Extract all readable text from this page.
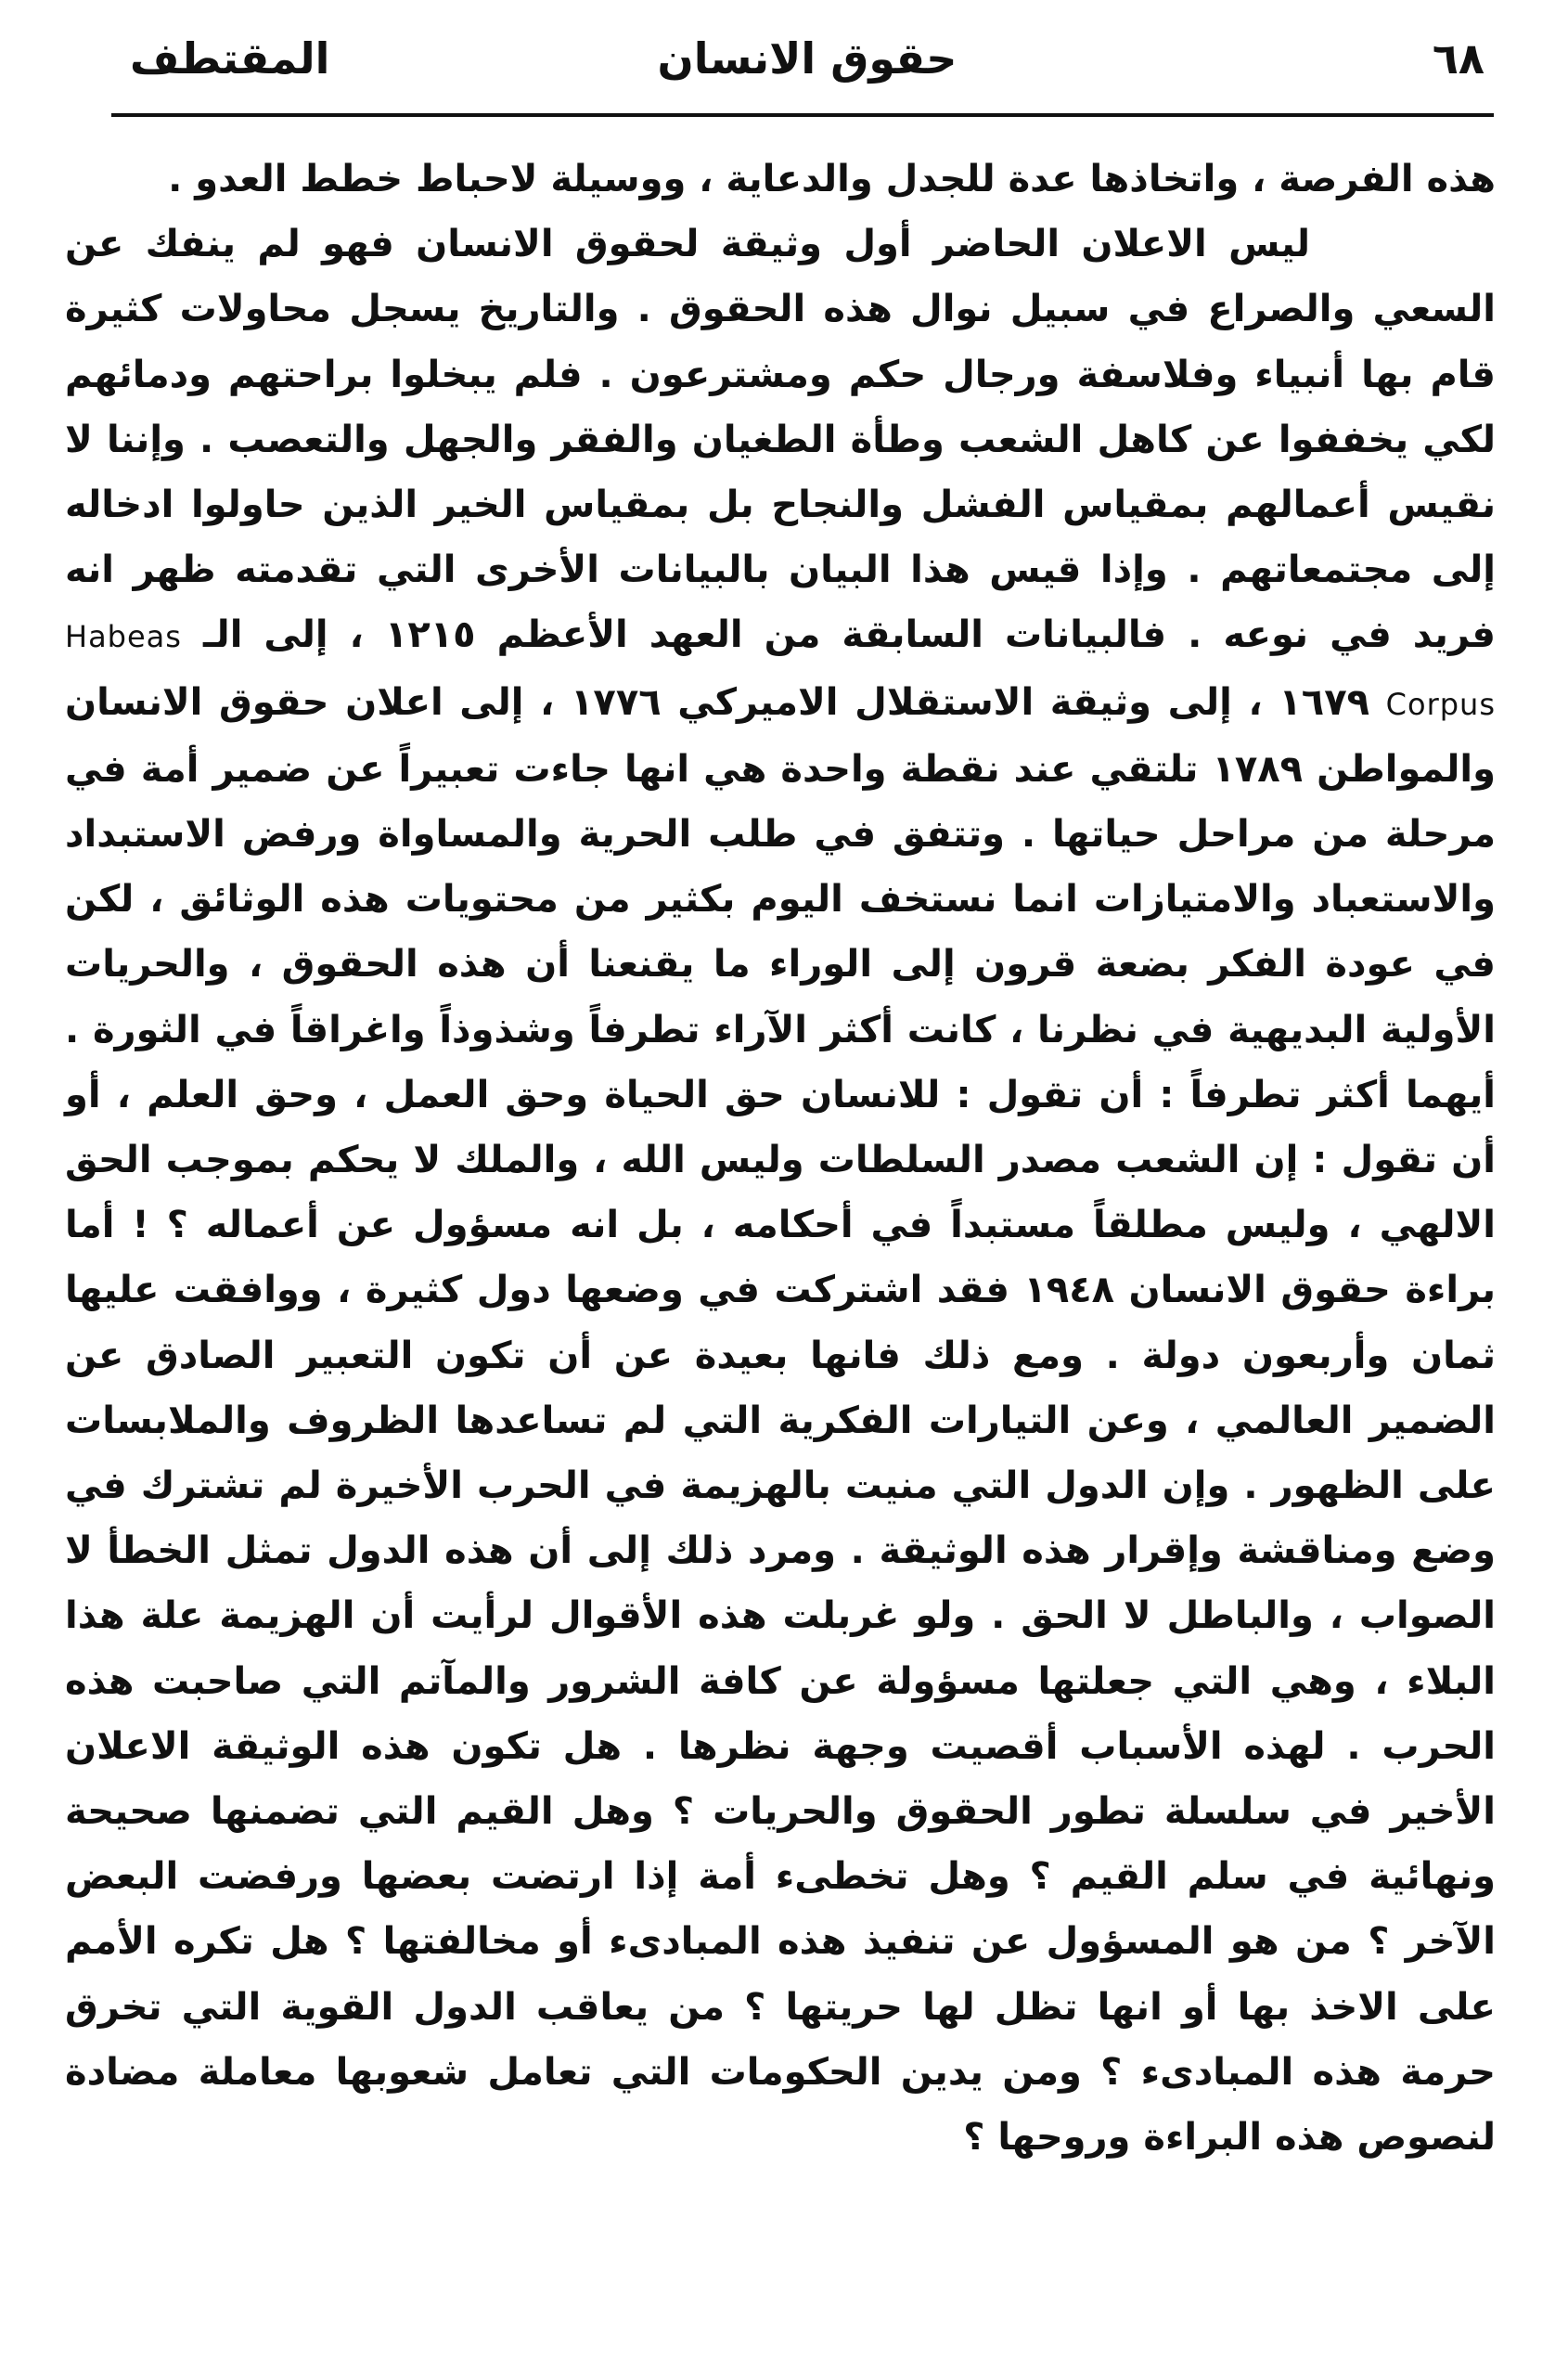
٦٨
حقوق الانسان
المقتطف

هذه الفرصة ، واتخاذها عدة للجدل والدعاية ، ووسيلة لاحباط خطط العدو .

ليس الاعلان الحاضر أول وثيقة لحقوق الانسان فهو لم ينفك عن السعي والصراع في سبيل نوال هذه الحقوق . والتاريخ يسجل محاولات كثيرة قام بها أنبياء وفلاسفة ورجال حكم ومشترعون . فلم يبخلوا براحتهم ودمائهم لكي يخففوا عن كاهل الشعب وطأة الطغيان والفقر والجهل والتعصب . وإننا لا نقيس أعمالهم بمقياس الفشل والنجاح بل بمقياس الخير الذين حاولوا ادخاله إلى مجتمعاتهم . وإذا قيس هذا البيان بالبيانات الأخرى التي تقدمته ظهر انه فريد في نوعه . فالبيانات السابقة من العهد الأعظم ١٢١٥ ، إلى الـ Habeas Corpus ١٦٧٩ ، إلى وثيقة الاستقلال الاميركي ١٧٧٦ ، إلى اعلان حقوق الانسان والمواطن ١٧٨٩ تلتقي عند نقطة واحدة هي انها جاءت تعبيراً عن ضمير أمة في مرحلة من مراحل حياتها . وتتفق في طلب الحرية والمساواة ورفض الاستبداد والاستعباد والامتيازات انما نستخف اليوم بكثير من محتويات هذه الوثائق ، لكن في عودة الفكر بضعة قرون إلى الوراء ما يقنعنا أن هذه الحقوق ، والحريات الأولية البديهية في نظرنا ، كانت أكثر الآراء تطرفاً وشذوذاً واغراقاً في الثورة . أيهما أكثر تطرفاً : أن تقول : للانسان حق الحياة وحق العمل ، وحق العلم ، أو أن تقول : إن الشعب مصدر السلطات وليس الله ، والملك لا يحكم بموجب الحق الالهي ، وليس مطلقاً مستبداً في أحكامه ، بل انه مسؤول عن أعماله ؟ ! أما براءة حقوق الانسان ١٩٤٨ فقد اشتركت في وضعها دول كثيرة ، ووافقت عليها ثمان وأربعون دولة . ومع ذلك فانها بعيدة عن أن تكون التعبير الصادق عن الضمير العالمي ، وعن التيارات الفكرية التي لم تساعدها الظروف والملابسات على الظهور . وإن الدول التي منيت بالهزيمة في الحرب الأخيرة لم تشترك في وضع ومناقشة وإقرار هذه الوثيقة . ومرد ذلك إلى أن هذه الدول تمثل الخطأ لا الصواب ، والباطل لا الحق . ولو غربلت هذه الأقوال لرأيت أن الهزيمة علة هذا البلاء ، وهي التي جعلتها مسؤولة عن كافة الشرور والمآتم التي صاحبت هذه الحرب . لهذه الأسباب أقصيت وجهة نظرها . هل تكون هذه الوثيقة الاعلان الأخير في سلسلة تطور الحقوق والحريات ؟ وهل القيم التي تضمنها صحيحة ونهائية في سلم القيم ؟ وهل تخطىء أمة إذا ارتضت بعضها ورفضت البعض الآخر ؟ من هو المسؤول عن تنفيذ هذه المبادىء أو مخالفتها ؟ هل تكره الأمم على الاخذ بها أو انها تظل لها حريتها ؟ من يعاقب الدول القوية التي تخرق حرمة هذه المبادىء ؟ ومن يدين الحكومات التي تعامل شعوبها معاملة مضادة لنصوص هذه البراءة وروحها ؟
